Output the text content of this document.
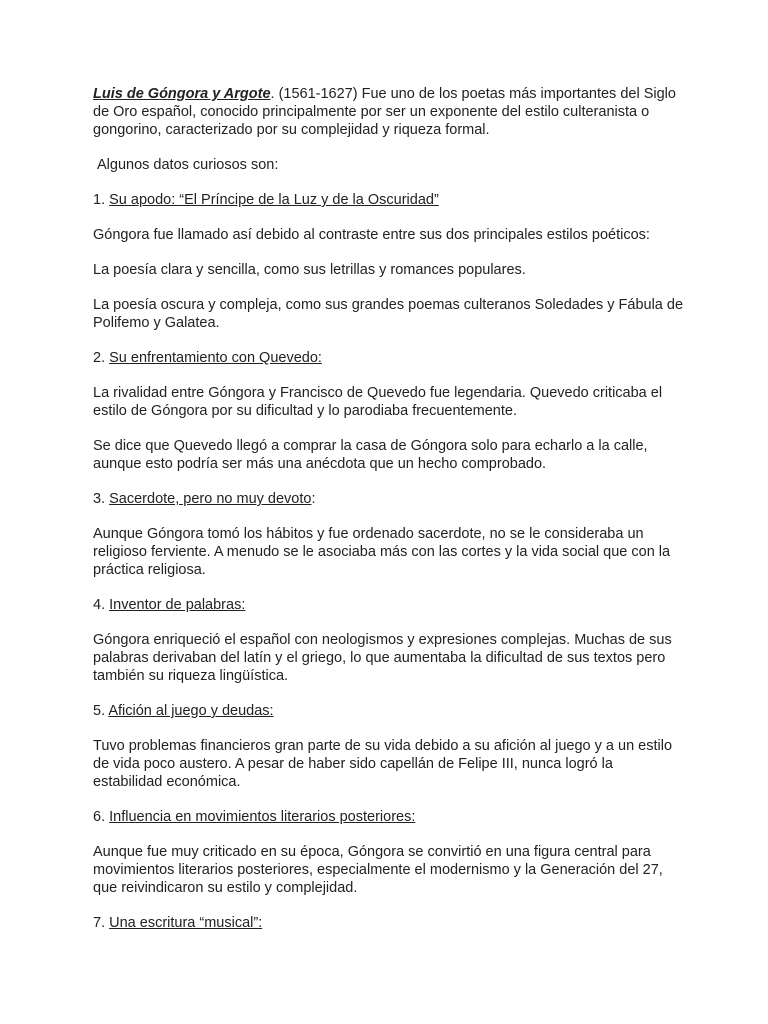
Luis de Góngora y Argote. (1561-1627) Fue uno de los poetas más importantes del Siglo de Oro español, conocido principalmente por ser un exponente del estilo culteranista o gongorino, caracterizado por su complejidad y riqueza formal.

Algunos datos curiosos son:

1. Su apodo: “El Príncipe de la Luz y de la Oscuridad”

Góngora fue llamado así debido al contraste entre sus dos principales estilos poéticos:

La poesía clara y sencilla, como sus letrillas y romances populares.

La poesía oscura y compleja, como sus grandes poemas culteranos Soledades y Fábula de Polifemo y Galatea.

2. Su enfrentamiento con Quevedo:

La rivalidad entre Góngora y Francisco de Quevedo fue legendaria. Quevedo criticaba el estilo de Góngora por su dificultad y lo parodiaba frecuentemente.

Se dice que Quevedo llegó a comprar la casa de Góngora solo para echarlo a la calle, aunque esto podría ser más una anécdota que un hecho comprobado.

3. Sacerdote, pero no muy devoto:

Aunque Góngora tomó los hábitos y fue ordenado sacerdote, no se le consideraba un religioso ferviente. A menudo se le asociaba más con las cortes y la vida social que con la práctica religiosa.

4. Inventor de palabras:

Góngora enriqueció el español con neologismos y expresiones complejas. Muchas de sus palabras derivaban del latín y el griego, lo que aumentaba la dificultad de sus textos pero también su riqueza lingüística.

5. Afición al juego y deudas:

Tuvo problemas financieros gran parte de su vida debido a su afición al juego y a un estilo de vida poco austero. A pesar de haber sido capellán de Felipe III, nunca logró la estabilidad económica.

6. Influencia en movimientos literarios posteriores:

Aunque fue muy criticado en su época, Góngora se convirtió en una figura central para movimientos literarios posteriores, especialmente el modernismo y la Generación del 27, que reivindicaron su estilo y complejidad.

7. Una escritura “musical”:
